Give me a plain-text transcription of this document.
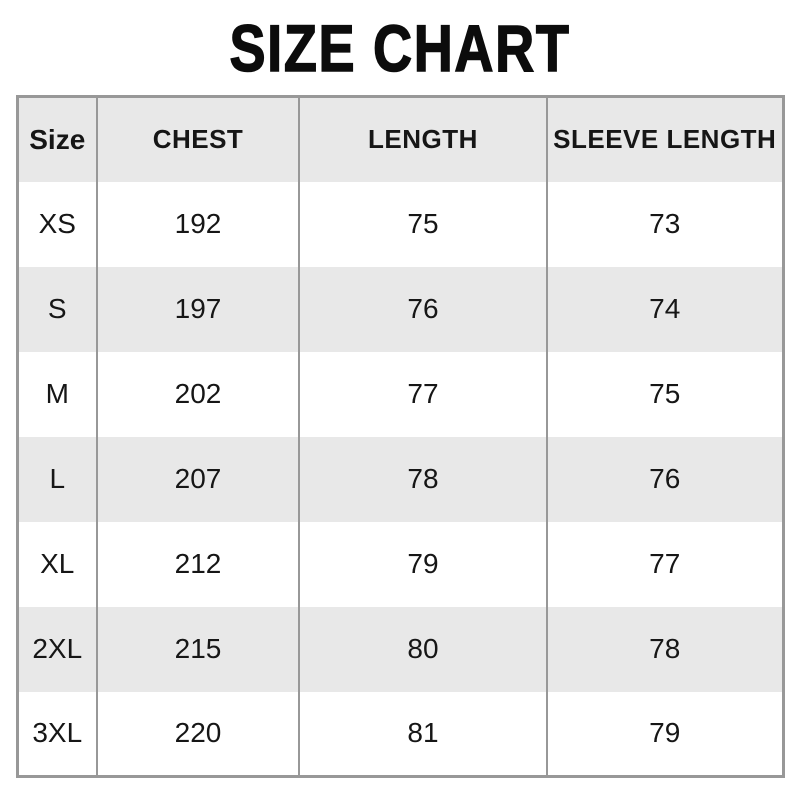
SIZE CHART
Size	CHEST	LENGTH	SLEEVE LENGTH
XS	192	75	73
S	197	76	74
M	202	77	75
L	207	78	76
XL	212	79	77
2XL	215	80	78
3XL	220	81	79
